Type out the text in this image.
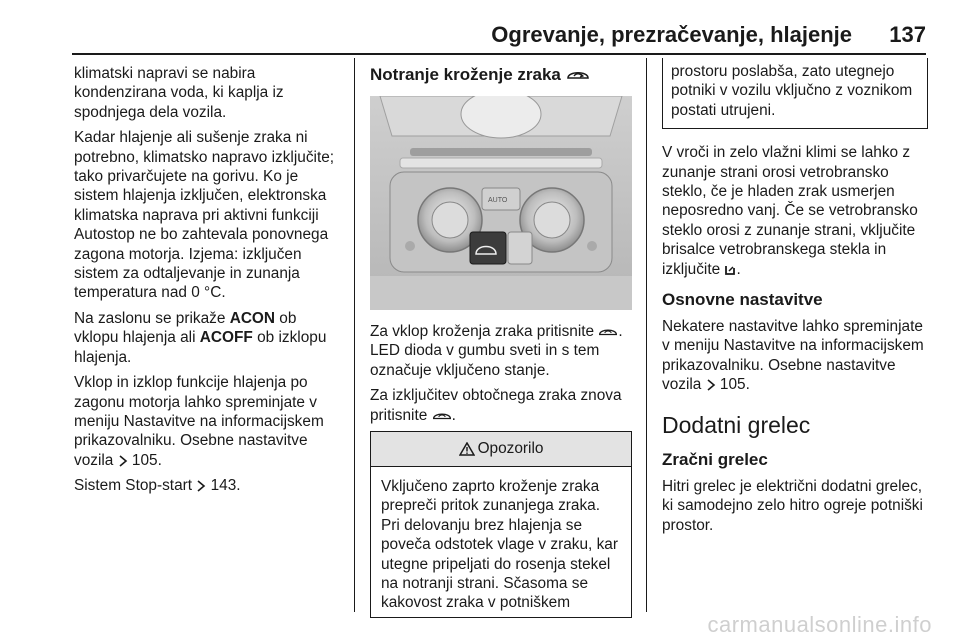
Ogrevanje, prezračevanje, hlajenje 137

klimatski napravi se nabira kondenzirana voda, ki kaplja iz spodnjega dela vozila.

Kadar hlajenje ali sušenje zraka ni potrebno, klimatsko napravo izključite; tako privarčujete na gorivu. Ko je sistem hlajenja izključen, elektronska klimatska naprava pri aktivni funkciji Autostop ne bo zahtevala ponovnega zagona motorja. Izjema: izključen sistem za odtaljevanje in zunanja temperatura nad 0 °C.

Na zaslonu se prikaže ACON ob vklopu hlajenja ali ACOFF ob izklopu hlajenja.

Vklop in izklop funkcije hlajenja po zagonu motorja lahko spreminjate v meniju Nastavitve na informacijskem prikazovalniku. Osebne nastavitve vozila 105.

Sistem Stop-start 143.

Notranje kroženje zraka
AUTO

Za vklop kroženja zraka pritisnite . LED dioda v gumbu sveti in s tem označuje vključeno stanje.

Za izključitev obtočnega zraka znova pritisnite .

Opozorilo
Vključeno zaprto kroženje zraka prepreči pritok zunanjega zraka. Pri delovanju brez hlajenja se poveča odstotek vlage v zraku, kar utegne pripeljati do rosenja stekel na notranji strani. Sčasoma se kakovost zraka v potniškem
prostoru poslabša, zato utegnejo potniki v vozilu vključno z voznikom postati utrujeni.

V vroči in zelo vlažni klimi se lahko z zunanje strani orosi vetrobransko steklo, če je hladen zrak usmerjen neposredno vanj. Če se vetrobransko steklo orosi z zunanje strani, vključite brisalce vetrobranskega stekla in izključite .

Osnovne nastavitve

Nekatere nastavitve lahko spreminjate v meniju Nastavitve na informacijskem prikazovalniku. Osebne nastavitve vozila 105.

Dodatni grelec
Zračni grelec

Hitri grelec je električni dodatni grelec, ki samodejno zelo hitro ogreje potniški prostor.

carmanualsonline.info
